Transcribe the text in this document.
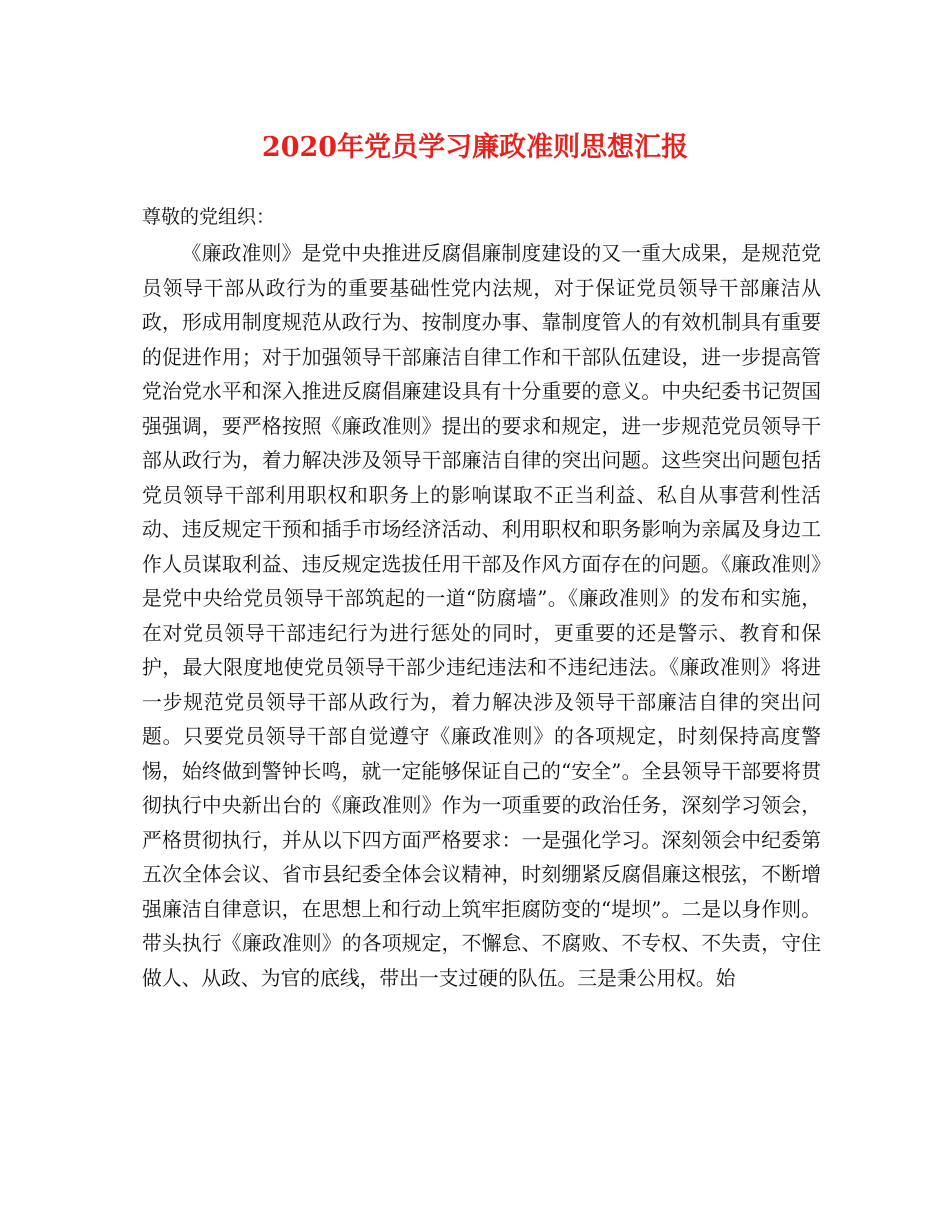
2020年党员学习廉政准则思想汇报

尊敬的党组织：

《廉政准则》是党中央推进反腐倡廉制度建设的又一重大成果，是规范党员领导干部从政行为的重要基础性党内法规，对于保证党员领导干部廉洁从政，形成用制度规范从政行为、按制度办事、靠制度管人的有效机制具有重要的促进作用；对于加强领导干部廉洁自律工作和干部队伍建设，进一步提高管党治党水平和深入推进反腐倡廉建设具有十分重要的意义。中央纪委书记贺国强强调，要严格按照《廉政准则》提出的要求和规定，进一步规范党员领导干部从政行为，着力解决涉及领导干部廉洁自律的突出问题。这些突出问题包括党员领导干部利用职权和职务上的影响谋取不正当利益、私自从事营利性活动、违反规定干预和插手市场经济活动、利用职权和职务影响为亲属及身边工作人员谋取利益、违反规定选拔任用干部及作风方面存在的问题。《廉政准则》是党中央给党员领导干部筑起的一道“防腐墙”。《廉政准则》的发布和实施，在对党员领导干部违纪行为进行惩处的同时，更重要的还是警示、教育和保护，最大限度地使党员领导干部少违纪违法和不违纪违法。《廉政准则》将进一步规范党员领导干部从政行为，着力解决涉及领导干部廉洁自律的突出问题。只要党员领导干部自觉遵守《廉政准则》的各项规定，时刻保持高度警惕，始终做到警钟长鸣，就一定能够保证自己的“安全”。全县领导干部要将贯彻执行中央新出台的《廉政准则》作为一项重要的政治任务，深刻学习领会，严格贯彻执行，并从以下四方面严格要求：一是强化学习。深刻领会中纪委第五次全体会议、省市县纪委全体会议精神，时刻绷紧反腐倡廉这根弦，不断增强廉洁自律意识，在思想上和行动上筑牢拒腐防变的“堤坝”。二是以身作则。带头执行《廉政准则》的各项规定，不懈怠、不腐败、不专权、不失责，守住做人、从政、为官的底线，带出一支过硬的队伍。三是秉公用权。始
